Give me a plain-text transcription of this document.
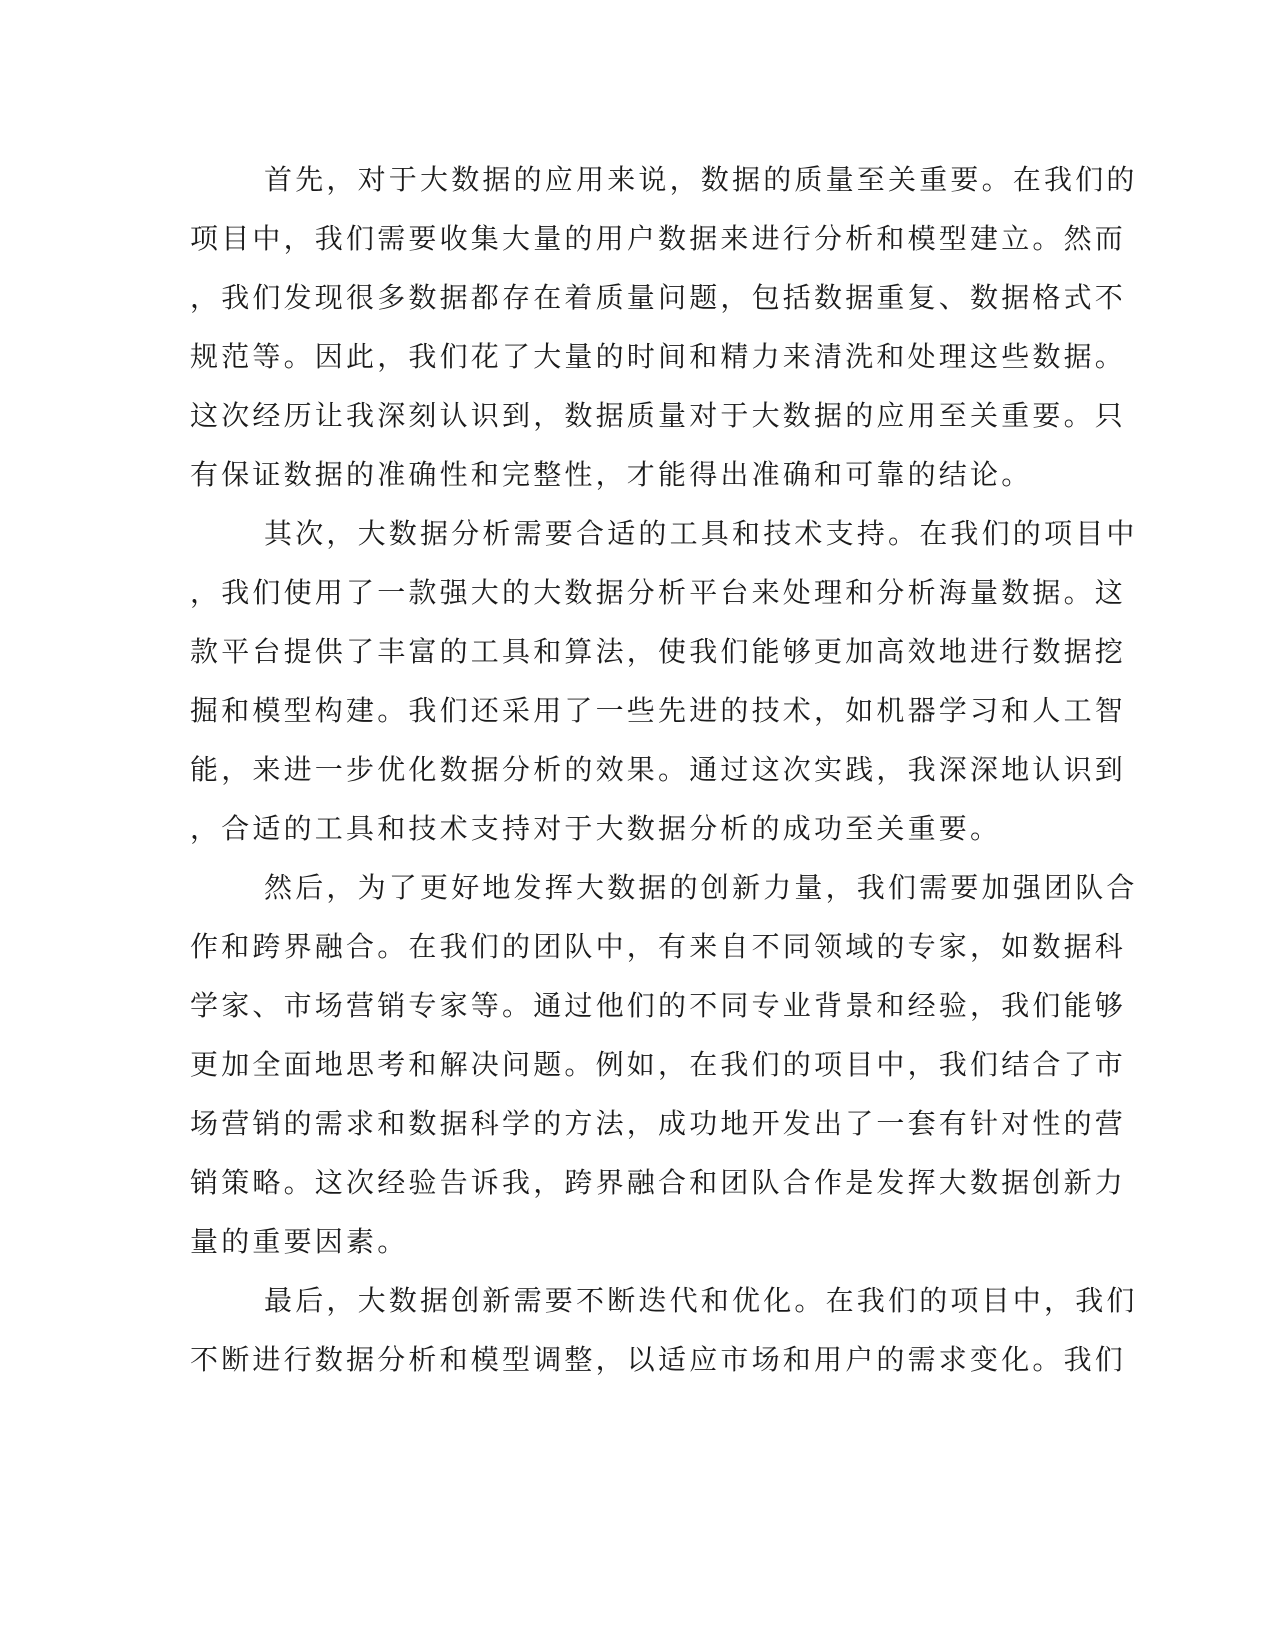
首先，对于大数据的应用来说，数据的质量至关重要。在我们的
项目中，我们需要收集大量的用户数据来进行分析和模型建立。然而
，我们发现很多数据都存在着质量问题，包括数据重复、数据格式不
规范等。因此，我们花了大量的时间和精力来清洗和处理这些数据。
这次经历让我深刻认识到，数据质量对于大数据的应用至关重要。只
有保证数据的准确性和完整性，才能得出准确和可靠的结论。
其次，大数据分析需要合适的工具和技术支持。在我们的项目中
，我们使用了一款强大的大数据分析平台来处理和分析海量数据。这
款平台提供了丰富的工具和算法，使我们能够更加高效地进行数据挖
掘和模型构建。我们还采用了一些先进的技术，如机器学习和人工智
能，来进一步优化数据分析的效果。通过这次实践，我深深地认识到
，合适的工具和技术支持对于大数据分析的成功至关重要。
然后，为了更好地发挥大数据的创新力量，我们需要加强团队合
作和跨界融合。在我们的团队中，有来自不同领域的专家，如数据科
学家、市场营销专家等。通过他们的不同专业背景和经验，我们能够
更加全面地思考和解决问题。例如，在我们的项目中，我们结合了市
场营销的需求和数据科学的方法，成功地开发出了一套有针对性的营
销策略。这次经验告诉我，跨界融合和团队合作是发挥大数据创新力
量的重要因素。
最后，大数据创新需要不断迭代和优化。在我们的项目中，我们
不断进行数据分析和模型调整，以适应市场和用户的需求变化。我们
